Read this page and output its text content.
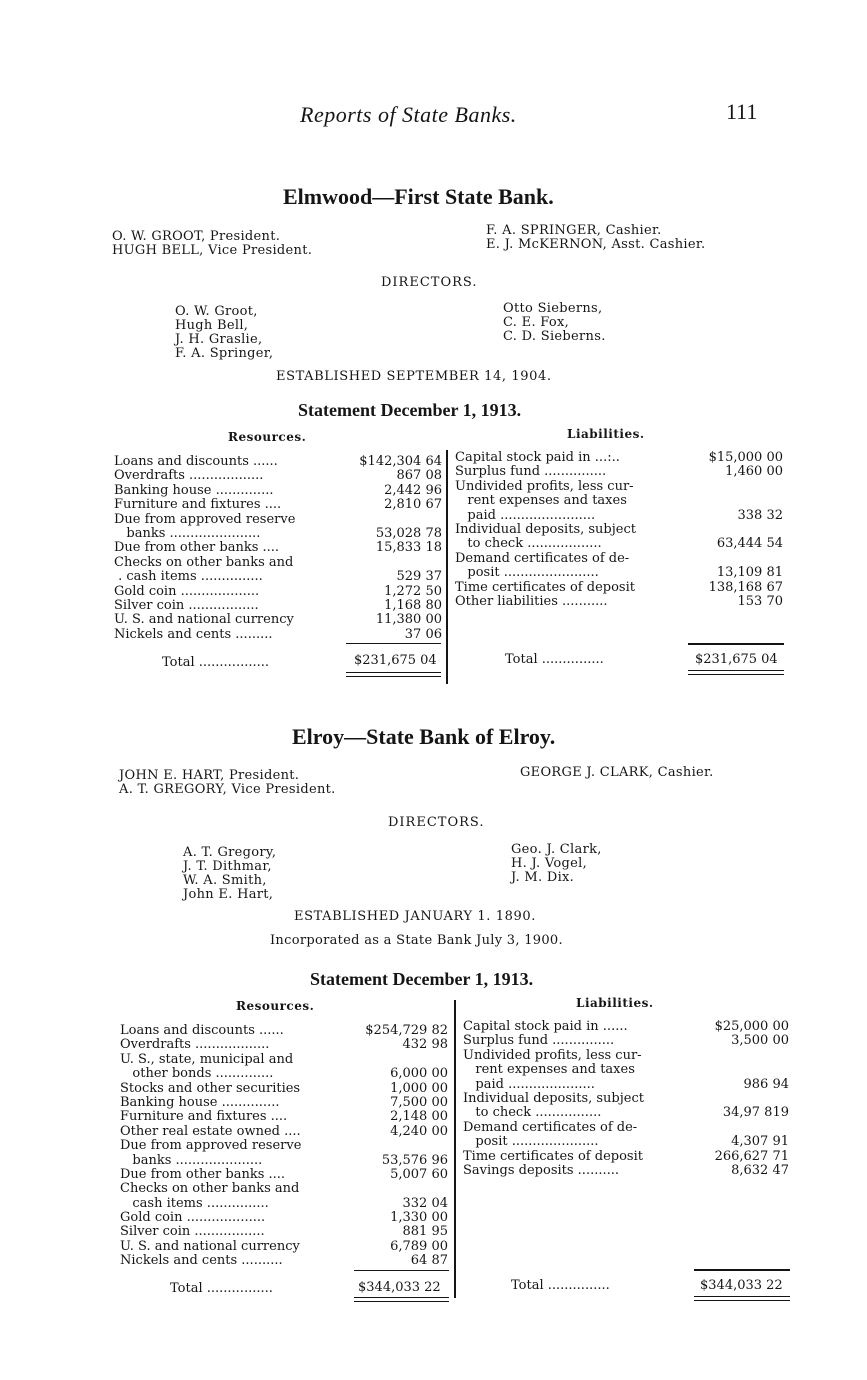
Reports of State Banks.	111
Elmwood—First State Bank.
O. W. GROOT, President.
HUGH BELL, Vice President.
F. A. SPRINGER, Cashier.
E. J. McKERNON, Asst. Cashier.
DIRECTORS.
O. W. Groot,
Hugh Bell,
J. H. Graslie,
F. A. Springer,
Otto Sieberns,
C. E. Fox,
C. D. Sieberns.
ESTABLISHED SEPTEMBER 14, 1904.
Statement December 1, 1913.
Resources.	Liabilities.
Loans and discounts ......	$142,304 64
Overdrafts ..................	867 08
Banking house ..............	2,442 96
Furniture and fixtures ....	2,810 67
Due from approved reserve
banks ......................	53,028 78
Due from other banks ....	15,833 18
Checks on other banks and
. cash items ...............	529 37
Gold coin ...................	1,272 50
Silver coin .................	1,168 80
U. S. and national currency	11,380 00
Nickels and cents .........	37 06
Capital stock paid in ...:..	$15,000 00
Surplus fund ...............	1,460 00
Undivided profits, less cur-
rent expenses and taxes
paid .......................	338 32
Individual deposits, subject
to check ..................	63,444 54
Demand certificates of de-
posit .......................	13,109 81
Time certificates of deposit	138,168 67
Other liabilities ...........	153 70
Total .................	$231,675 04	Total ...............	$231,675 04
Elroy—State Bank of Elroy.
JOHN E. HART, President.
A. T. GREGORY, Vice President.
GEORGE J. CLARK, Cashier.
DIRECTORS.
A. T. Gregory,
J. T. Dithmar,
W. A. Smith,
John E. Hart,
Geo. J. Clark,
H. J. Vogel,
J. M. Dix.
ESTABLISHED JANUARY 1. 1890.
Incorporated as a State Bank July 3, 1900.
Statement December 1, 1913.
Resources.	Liabilities.
Loans and discounts ......	$254,729 82
Overdrafts ..................	432 98
U. S., state, municipal and
other bonds ..............	6,000 00
Stocks and other securities	1,000 00
Banking house ..............	7,500 00
Furniture and fixtures ....	2,148 00
Other real estate owned ....	4,240 00
Due from approved reserve
banks .....................	53,576 96
Due from other banks ....	5,007 60
Checks on other banks and
cash items ...............	332 04
Gold coin ...................	1,330 00
Silver coin .................	881 95
U. S. and national currency	6,789 00
Nickels and cents ..........	64 87
Capital stock paid in ......	$25,000 00
Surplus fund ...............	3,500 00
Undivided profits, less cur-
rent expenses and taxes
paid .....................	986 94
Individual deposits, subject
to check ................	34,97 819
Demand certificates of de-
posit .....................	4,307 91
Time certificates of deposit	266,627 71
Savings deposits ..........	8,632 47
Total ................	$344,033 22	Total ...............	$344,033 22
